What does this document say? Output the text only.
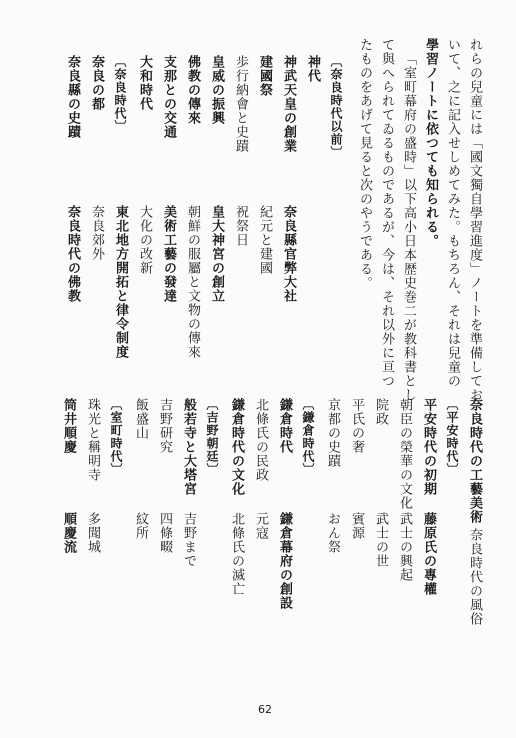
れらの兒童には「國文獨自學習進度」ノートを準備してお
いて、之に記入せしめてみた。もちろん、それは兒童の
學習ノートに依つても知られる。
「室町幕府の盛時」以下高小日本歴史巻二が教科書とし
て與へられてゐるものであるが、今は、それ以外に亘つ
たものをあげて見ると次のやうである。
〔奈良時代以前〕
神代
神武天皇の創業
建國祭
歩行納會と史蹟
皇威の振興
佛教の傳來
支那との交通
大和時代
〔奈良時代〕
奈良の都
奈良縣の史蹟
奈良縣官弊大社
紀元と建國
祝祭日
皇大神宮の創立
朝鮮の服屬と文物の傳來
美術工藝の發達
大化の改新
東北地方開拓と律令制度
奈良郊外
奈良時代の佛教
奈良時代の工藝美術
〔平安時代〕
平安時代の初期
朝臣の榮華の文化
院政
平氏の奢
京都の史蹟
〔鎌倉時代〕
鎌倉時代
北條氏の民政
鎌倉時代の文化
〔吉野朝廷〕
般若寺と大塔宮
吉野研究
飯盛山
〔室町時代〕
珠光と稱明寺
筒井順慶
奈良時代の風俗
藤原氏の專權
武士の興起
武士の世
賓源
おん祭
鎌倉幕府の創設
元寇
北條氏の滅亡
吉野まで
四條畷
紋所
多聞城
順慶流
62
